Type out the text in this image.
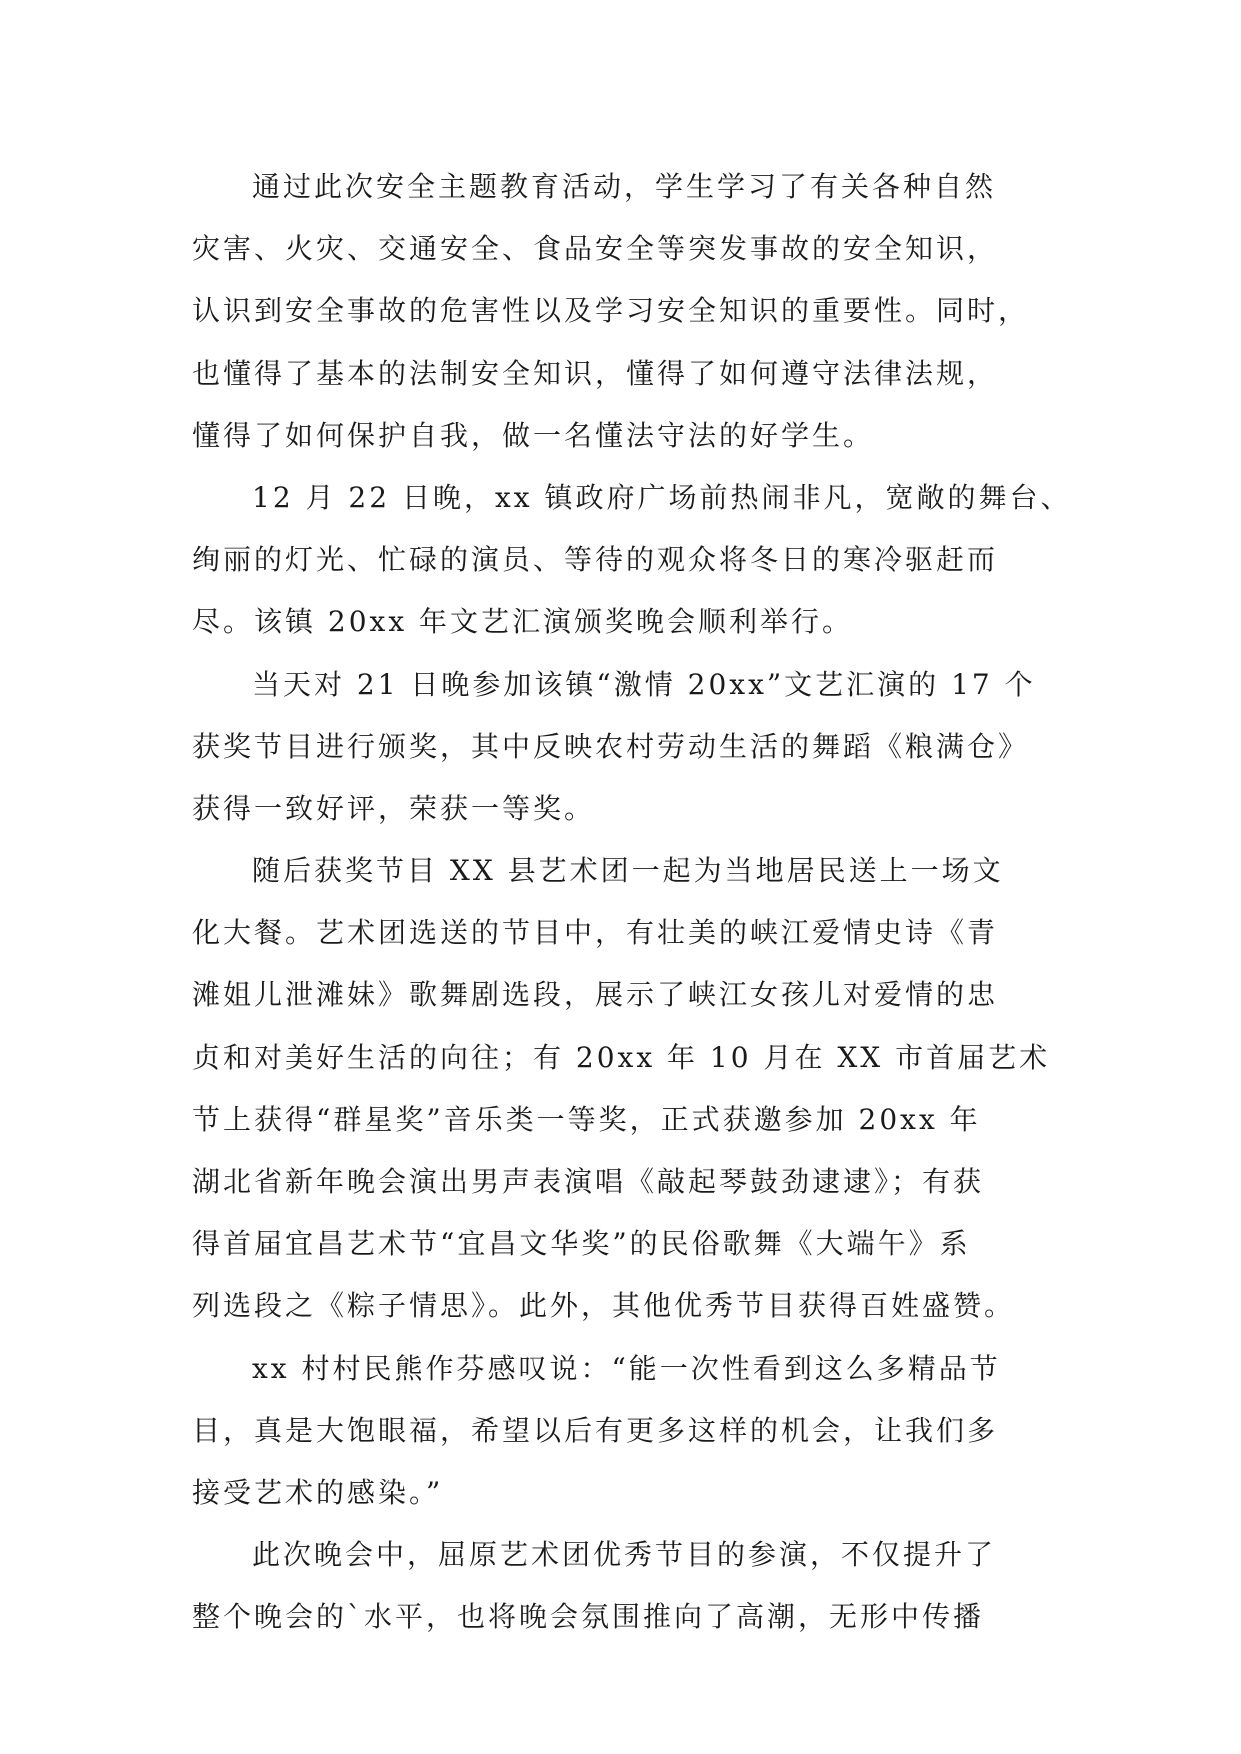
通过此次安全主题教育活动，学生学习了有关各种自然
灾害、火灾、交通安全、食品安全等突发事故的安全知识，
认识到安全事故的危害性以及学习安全知识的重要性。同时，
也懂得了基本的法制安全知识，懂得了如何遵守法律法规，
懂得了如何保护自我，做一名懂法守法的好学生。
12 月 22 日晚，xx 镇政府广场前热闹非凡，宽敞的舞台、
绚丽的灯光、忙碌的演员、等待的观众将冬日的寒冷驱赶而
尽。该镇 20xx 年文艺汇演颁奖晚会顺利举行。
当天对 21 日晚参加该镇“激情 20xx”文艺汇演的 17 个
获奖节目进行颁奖，其中反映农村劳动生活的舞蹈《粮满仓》
获得一致好评，荣获一等奖。
随后获奖节目 XX 县艺术团一起为当地居民送上一场文
化大餐。艺术团选送的节目中，有壮美的峡江爱情史诗《青
滩姐儿泄滩妹》歌舞剧选段，展示了峡江女孩儿对爱情的忠
贞和对美好生活的向往；有 20xx 年 10 月在 XX 市首届艺术
节上获得“群星奖”音乐类一等奖，正式获邀参加 20xx 年
湖北省新年晚会演出男声表演唱《敲起琴鼓劲逮逮》；有获
得首届宜昌艺术节“宜昌文华奖”的民俗歌舞《大端午》系
列选段之《粽子情思》。此外，其他优秀节目获得百姓盛赞。
xx 村村民熊作芬感叹说：“能一次性看到这么多精品节
目，真是大饱眼福，希望以后有更多这样的机会，让我们多
接受艺术的感染。”
此次晚会中，屈原艺术团优秀节目的参演，不仅提升了
整个晚会的`水平，也将晚会氛围推向了高潮，无形中传播
